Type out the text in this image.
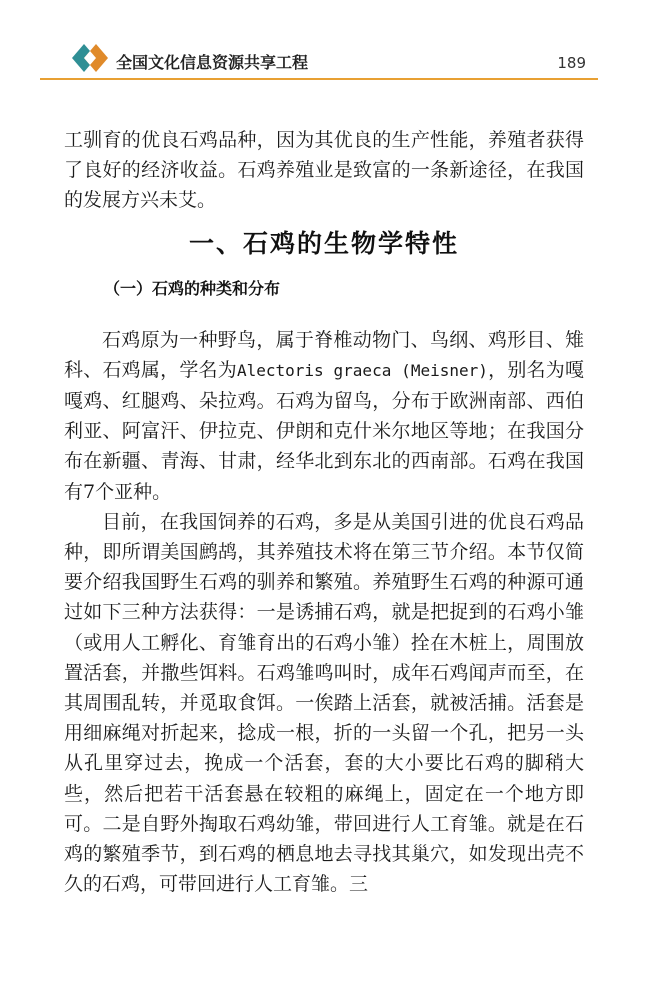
全国文化信息资源共享工程	189

工驯育的优良石鸡品种，因为其优良的生产性能，养殖者获得了良好的经济收益。石鸡养殖业是致富的一条新途径，在我国的发展方兴未艾。

一、石鸡的生物学特性
（一）石鸡的种类和分布

石鸡原为一种野鸟，属于脊椎动物门、鸟纲、鸡形目、雉科、石鸡属，学名为Alectoris graeca (Meisner)，别名为嘎嘎鸡、红腿鸡、朵拉鸡。石鸡为留鸟，分布于欧洲南部、西伯利亚、阿富汗、伊拉克、伊朗和克什米尔地区等地；在我国分布在新疆、青海、甘肃，经华北到东北的西南部。石鸡在我国有7个亚种。

目前，在我国饲养的石鸡，多是从美国引进的优良石鸡品种，即所谓美国鹧鸪，其养殖技术将在第三节介绍。本节仅简要介绍我国野生石鸡的驯养和繁殖。养殖野生石鸡的种源可通过如下三种方法获得：一是诱捕石鸡，就是把捉到的石鸡小雏（或用人工孵化、育雏育出的石鸡小雏）拴在木桩上，周围放置活套，并撒些饵料。石鸡雏鸣叫时，成年石鸡闻声而至，在其周围乱转，并觅取食饵。一俟踏上活套，就被活捕。活套是用细麻绳对折起来，捻成一根，折的一头留一个孔，把另一头从孔里穿过去，挽成一个活套，套的大小要比石鸡的脚稍大些，然后把若干活套悬在较粗的麻绳上，固定在一个地方即可。二是自野外掏取石鸡幼雏，带回进行人工育雏。就是在石鸡的繁殖季节，到石鸡的栖息地去寻找其巢穴，如发现出壳不久的石鸡，可带回进行人工育雏。三
